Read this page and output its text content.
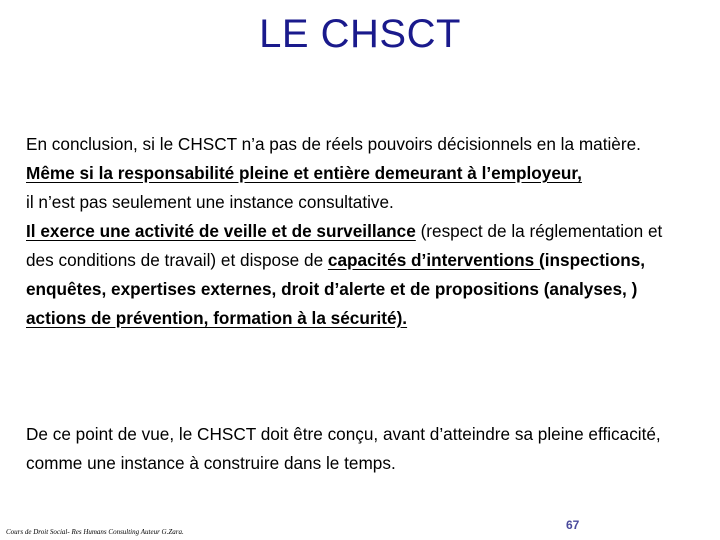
LE CHSCT
En conclusion, si le CHSCT n’a pas de réels pouvoirs décisionnels en la matière.
Même si la responsabilité pleine et entière demeurant à l’employeur,
il n’est pas seulement une instance consultative.
Il exerce une activité de veille et de surveillance (respect de la réglementation et des conditions de travail) et dispose de capacités d’interventions (inspections, enquêtes, expertises externes, droit d’alerte et de propositions (analyses, ) actions de prévention, formation à la sécurité).
De ce point de vue, le CHSCT doit être conçu, avant d’atteindre sa pleine efficacité, comme une instance à construire dans le temps.
Cours de Droit Social- Res Humans Consulting Auteur G.Zara.	67
